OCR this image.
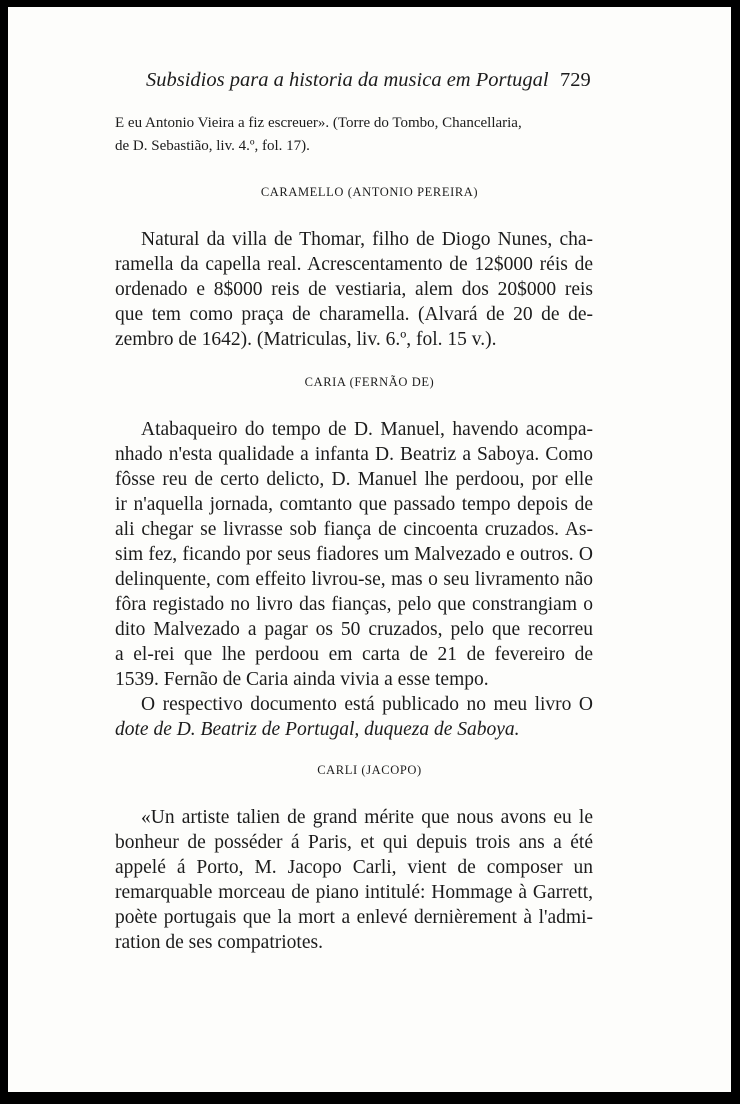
Subsidios para a historia da musica em Portugal 729
E eu Antonio Vieira a fiz escreuer». (Torre do Tombo, Chancellaria,
de D. Sebastião, liv. 4.º, fol. 17).
CARAMELLO (ANTONIO PEREIRA)
Natural da villa de Thomar, filho de Diogo Nunes, cha-
ramella da capella real. Acrescentamento de 12$000 réis de
ordenado e 8$000 reis de vestiaria, alem dos 20$000 reis
que tem como praça de charamella. (Alvará de 20 de de-
zembro de 1642). (Matriculas, liv. 6.º, fol. 15 v.).
CARIA (FERNÃO DE)
Atabaqueiro do tempo de D. Manuel, havendo acompa-
nhado n'esta qualidade a infanta D. Beatriz a Saboya. Como
fôsse reu de certo delicto, D. Manuel lhe perdoou, por elle
ir n'aquella jornada, comtanto que passado tempo depois de
ali chegar se livrasse sob fiança de cincoenta cruzados. As-
sim fez, ficando por seus fiadores um Malvezado e outros. O
delinquente, com effeito livrou-se, mas o seu livramento não
fôra registado no livro das fianças, pelo que constrangiam o
dito Malvezado a pagar os 50 cruzados, pelo que recorreu
a el-rei que lhe perdoou em carta de 21 de fevereiro de
1539. Fernão de Caria ainda vivia a esse tempo.
O respectivo documento está publicado no meu livro O
dote de D. Beatriz de Portugal, duqueza de Saboya.
CARLI (JACOPO)
«Un artiste talien de grand mérite que nous avons eu le
bonheur de posséder á Paris, et qui depuis trois ans a été
appelé á Porto, M. Jacopo Carli, vient de composer un
remarquable morceau de piano intitulé: Hommage à Garrett,
poète portugais que la mort a enlevé dernièrement à l'admi-
ration de ses compatriotes.
